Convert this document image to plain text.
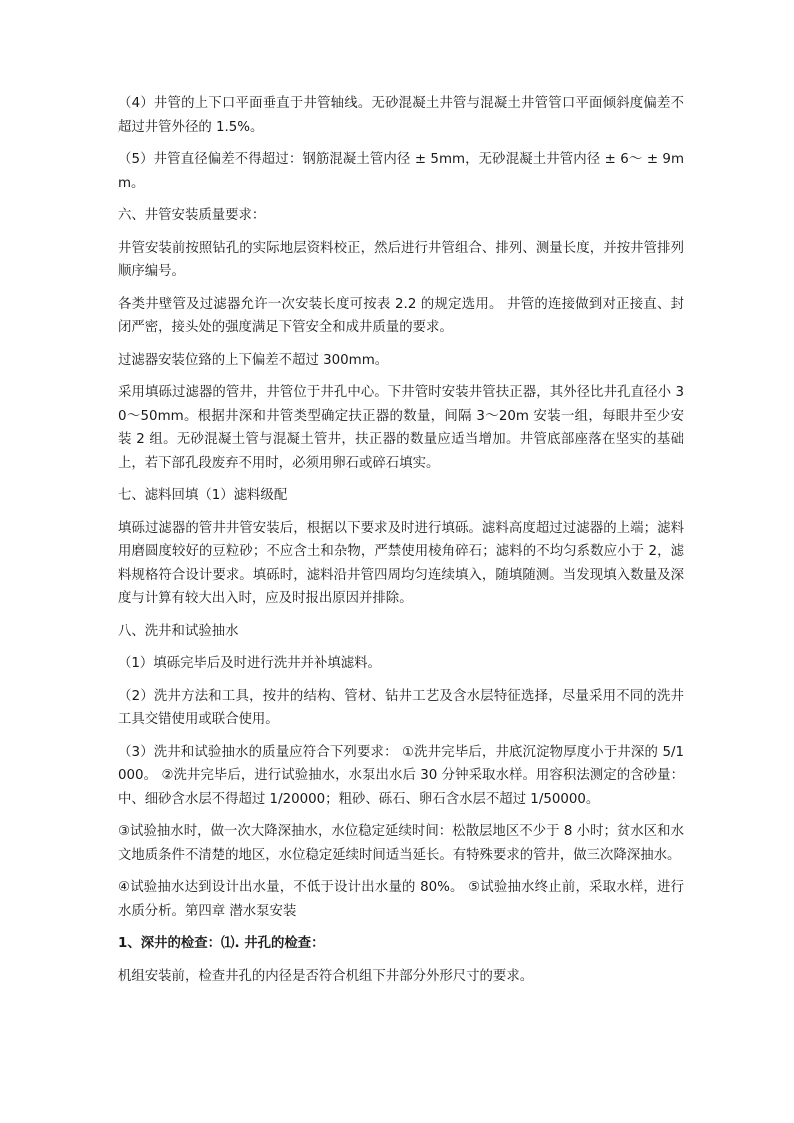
（4）井管的上下口平面垂直于井管轴线。无砂混凝土井管与混凝土井管管口平面倾斜度偏差不超过井管外径的 1.5%。

（5）井管直径偏差不得超过：钢筋混凝土管内径 ± 5mm，无砂混凝土井管内径 ± 6～ ± 9mm。

六、井管安装质量要求：

井管安装前按照钻孔的实际地层资料校正，然后进行井管组合、排列、测量长度，并按井管排列顺序编号。

各类井壁管及过滤器允许一次安装长度可按表 2.2 的规定选用。 井管的连接做到对正接直、封闭严密，接头处的强度满足下管安全和成井质量的要求。

过滤器安装位臵的上下偏差不超过 300mm。

采用填砾过滤器的管井，井管位于井孔中心。下井管时安装井管扶正器，其外径比井孔直径小 30～50mm。根据井深和井管类型确定扶正器的数量，间隔 3～20m 安装一组，每眼井至少安装 2 组。无砂混凝土管与混凝土管井，扶正器的数量应适当增加。井管底部座落在坚实的基础上，若下部孔段废弃不用时，必须用卵石或碎石填实。

七、滤料回填（1）滤料级配

填砾过滤器的管井井管安装后，根据以下要求及时进行填砾。滤料高度超过过滤器的上端；滤料用磨圆度较好的豆粒砂；不应含土和杂物，严禁使用棱角碎石；滤料的不均匀系数应小于 2，滤料规格符合设计要求。填砾时，滤料沿井管四周均匀连续填入，随填随测。当发现填入数量及深度与计算有较大出入时，应及时报出原因并排除。

八、洗井和试验抽水

（1）填砾完毕后及时进行洗井并补填滤料。

（2）洗井方法和工具，按井的结构、管材、钻井工艺及含水层特征选择，尽量采用不同的洗井工具交错使用或联合使用。

（3）洗井和试验抽水的质量应符合下列要求： ①洗井完毕后，井底沉淀物厚度小于井深的 5/1000。 ②洗井完毕后，进行试验抽水，水泵出水后 30 分钟采取水样。用容积法测定的含砂量：中、细砂含水层不得超过 1/20000；粗砂、砾石、卵石含水层不超过 1/50000。

③试验抽水时，做一次大降深抽水，水位稳定延续时间：松散层地区不少于 8 小时；贫水区和水文地质条件不清楚的地区，水位稳定延续时间适当延长。有特殊要求的管井，做三次降深抽水。

④试验抽水达到设计出水量，不低于设计出水量的 80%。 ⑤试验抽水终止前，采取水样，进行水质分析。第四章 潜水泵安装

1、深井的检查：⑴. 井孔的检查：

机组安装前，检查井孔的内径是否符合机组下井部分外形尺寸的要求。
